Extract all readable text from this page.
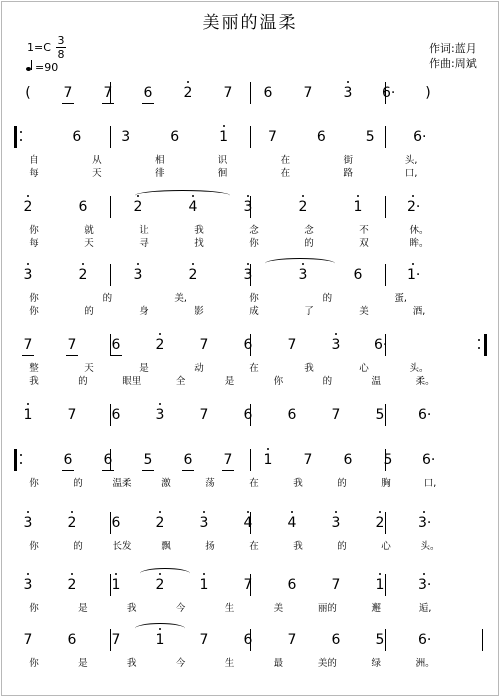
美丽的温柔
1=C
3
8
=90
作词:蓝月
作曲:周斌
( 7 7 6 2 7 6 7 3 6· )
6	3	6	1	7	6	5	6·
自	从	相	识	在	街	头,
每	天	徘	徊	在	路	口,
2	6	2	4	3	2	1	2·
你	就	让	我	念	念	不	休。
每	天	寻	找	你	的	双	眸。
3	2	3	2	3	3	6	1·
你	的	美,	你	的	蛋,
你	的	身	影	成	了	美	酒,
7	7	6	2	7	6	7	3 6·
整	天	是	动	在	我	心	头。
我	的	眼里	全	是	你	的	温	柔。
1	7	6	3	7	6	6	7	5 6·
6 6 5 6 7 1 7 6 5 6·
你	的	温柔	激	荡	在	我	的	胸	口,
3	2	6	2	3	4	4	3	2 3·
你	的	长发	飘	扬	在	我	的	心	头。
3	2	1	2	1	7	6	7	1 3·
你	是	我	今	生	美	丽的	邂	逅,
7	6	7	1	7	6	7	6	5 6·
你	是	我	今	生	最	美的	绿	洲。
